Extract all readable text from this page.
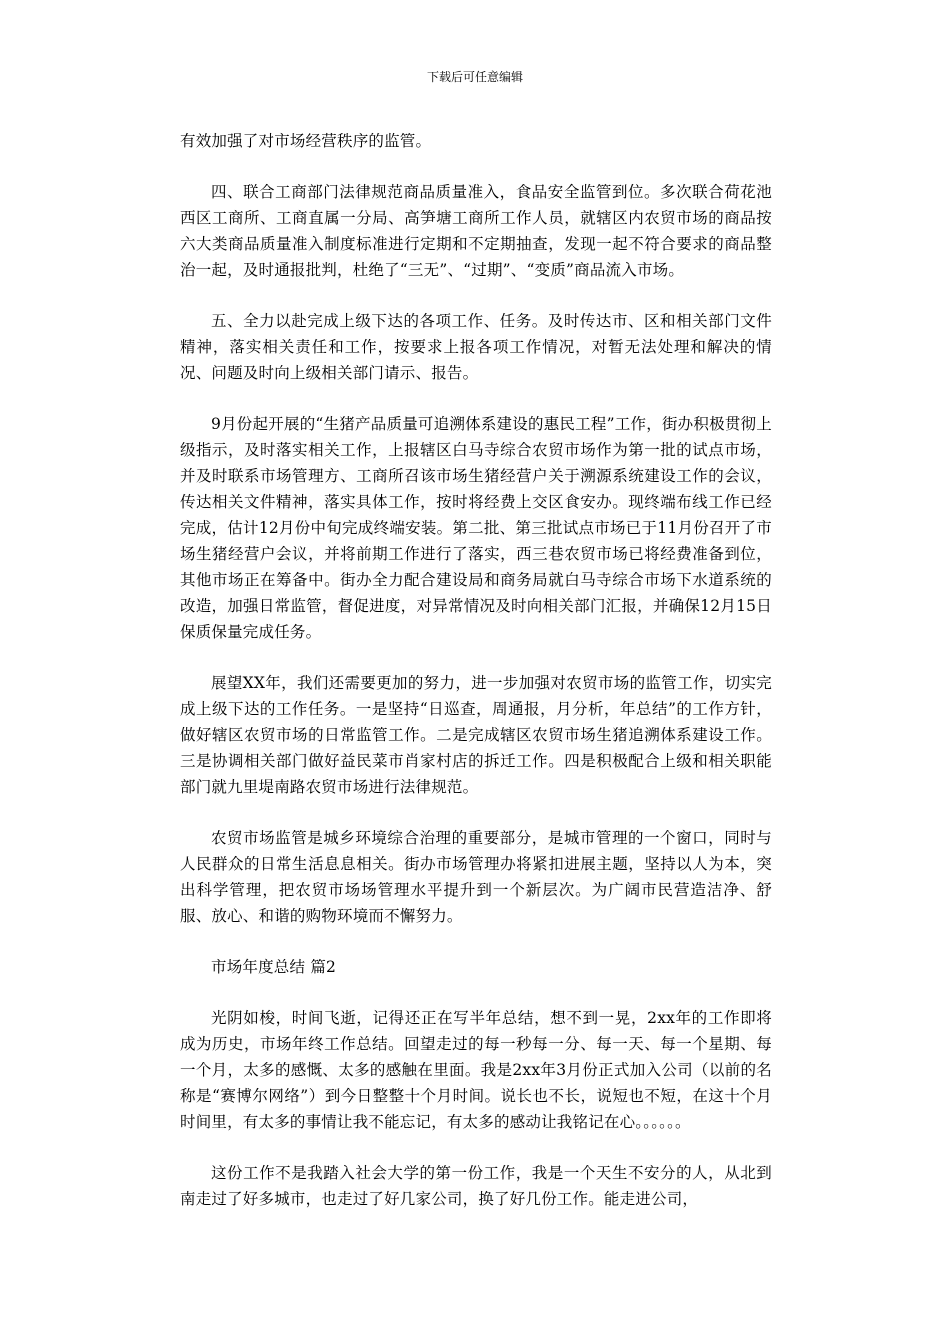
下载后可任意编辑

有效加强了对市场经营秩序的监管。

四、联合工商部门法律规范商品质量准入，食品安全监管到位。多次联合荷花池西区工商所、工商直属一分局、高笋塘工商所工作人员，就辖区内农贸市场的商品按六大类商品质量准入制度标准进行定期和不定期抽查，发现一起不符合要求的商品整治一起，及时通报批判，杜绝了“三无”、“过期”、“变质”商品流入市场。

五、全力以赴完成上级下达的各项工作、任务。及时传达市、区和相关部门文件精神，落实相关责任和工作，按要求上报各项工作情况，对暂无法处理和解决的情况、问题及时向上级相关部门请示、报告。

9月份起开展的“生猪产品质量可追溯体系建设的惠民工程”工作，街办积极贯彻上级指示，及时落实相关工作，上报辖区白马寺综合农贸市场作为第一批的试点市场，并及时联系市场管理方、工商所召该市场生猪经营户关于溯源系统建设工作的会议，传达相关文件精神，落实具体工作，按时将经费上交区食安办。现终端布线工作已经完成，估计12月份中旬完成终端安装。第二批、第三批试点市场已于11月份召开了市场生猪经营户会议，并将前期工作进行了落实，西三巷农贸市场已将经费准备到位，其他市场正在筹备中。街办全力配合建设局和商务局就白马寺综合市场下水道系统的改造，加强日常监管，督促进度，对异常情况及时向相关部门汇报，并确保12月15日保质保量完成任务。

展望XX年，我们还需要更加的努力，进一步加强对农贸市场的监管工作，切实完成上级下达的工作任务。一是坚持“日巡查，周通报，月分析，年总结”的工作方针，做好辖区农贸市场的日常监管工作。二是完成辖区农贸市场生猪追溯体系建设工作。三是协调相关部门做好益民菜市肖家村店的拆迁工作。四是积极配合上级和相关职能部门就九里堤南路农贸市场进行法律规范。

农贸市场监管是城乡环境综合治理的重要部分，是城市管理的一个窗口，同时与人民群众的日常生活息息相关。街办市场管理办将紧扣进展主题，坚持以人为本，突出科学管理，把农贸市场场管理水平提升到一个新层次。为广阔市民营造洁净、舒服、放心、和谐的购物环境而不懈努力。

市场年度总结 篇2

光阴如梭，时间飞逝，记得还正在写半年总结，想不到一晃，2xx年的工作即将成为历史，市场年终工作总结。回望走过的每一秒每一分、每一天、每一个星期、每一个月，太多的感慨、太多的感触在里面。我是2xx年3月份正式加入公司（以前的名称是“赛博尔网络”）到今日整整十个月时间。说长也不长，说短也不短，在这十个月时间里，有太多的事情让我不能忘记，有太多的感动让我铭记在心。。。。。。

这份工作不是我踏入社会大学的第一份工作，我是一个天生不安分的人，从北到南走过了好多城市，也走过了好几家公司，换了好几份工作。能走进公司，
